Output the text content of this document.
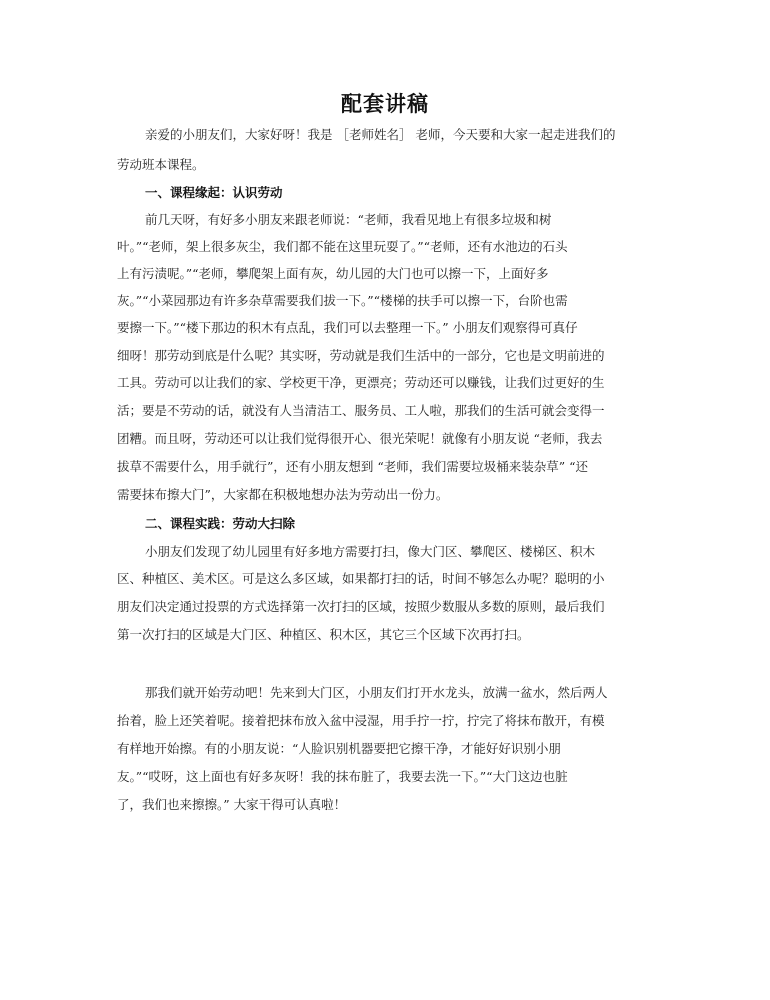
配套讲稿

亲爱的小朋友们，大家好呀！我是 ［老师姓名］ 老师，今天要和大家一起走进我们的

劳动班本课程。

一、课程缘起：认识劳动

前几天呀，有好多小朋友来跟老师说：“老师，我看见地上有很多垃圾和树

叶。”“老师，架上很多灰尘，我们都不能在这里玩耍了。”“老师，还有水池边的石头

上有污渍呢。”“老师，攀爬架上面有灰，幼儿园的大门也可以擦一下，上面好多

灰。”“小菜园那边有许多杂草需要我们拔一下。”“楼梯的扶手可以擦一下，台阶也需

要擦一下。”“楼下那边的积木有点乱，我们可以去整理一下。” 小朋友们观察得可真仔

细呀！那劳动到底是什么呢？其实呀，劳动就是我们生活中的一部分，它也是文明前进的

工具。劳动可以让我们的家、学校更干净，更漂亮；劳动还可以赚钱，让我们过更好的生

活；要是不劳动的话，就没有人当清洁工、服务员、工人啦，那我们的生活可就会变得一

团糟。而且呀，劳动还可以让我们觉得很开心、很光荣呢！就像有小朋友说 “老师，我去

拔草不需要什么，用手就行”，还有小朋友想到 “老师，我们需要垃圾桶来装杂草” “还

需要抹布擦大门”，大家都在积极地想办法为劳动出一份力。

二、课程实践：劳动大扫除

小朋友们发现了幼儿园里有好多地方需要打扫，像大门区、攀爬区、楼梯区、积木

区、种植区、美术区。可是这么多区域，如果都打扫的话，时间不够怎么办呢？聪明的小

朋友们决定通过投票的方式选择第一次打扫的区域，按照少数服从多数的原则，最后我们

第一次打扫的区域是大门区、种植区、积木区，其它三个区域下次再打扫。

那我们就开始劳动吧！先来到大门区，小朋友们打开水龙头，放满一盆水，然后两人

抬着，脸上还笑着呢。接着把抹布放入盆中浸湿，用手拧一拧，拧完了将抹布散开，有模

有样地开始擦。有的小朋友说：“人脸识别机器要把它擦干净，才能好好识别小朋

友。”“哎呀，这上面也有好多灰呀！我的抹布脏了，我要去洗一下。”“大门这边也脏

了，我们也来擦擦。” 大家干得可认真啦！
